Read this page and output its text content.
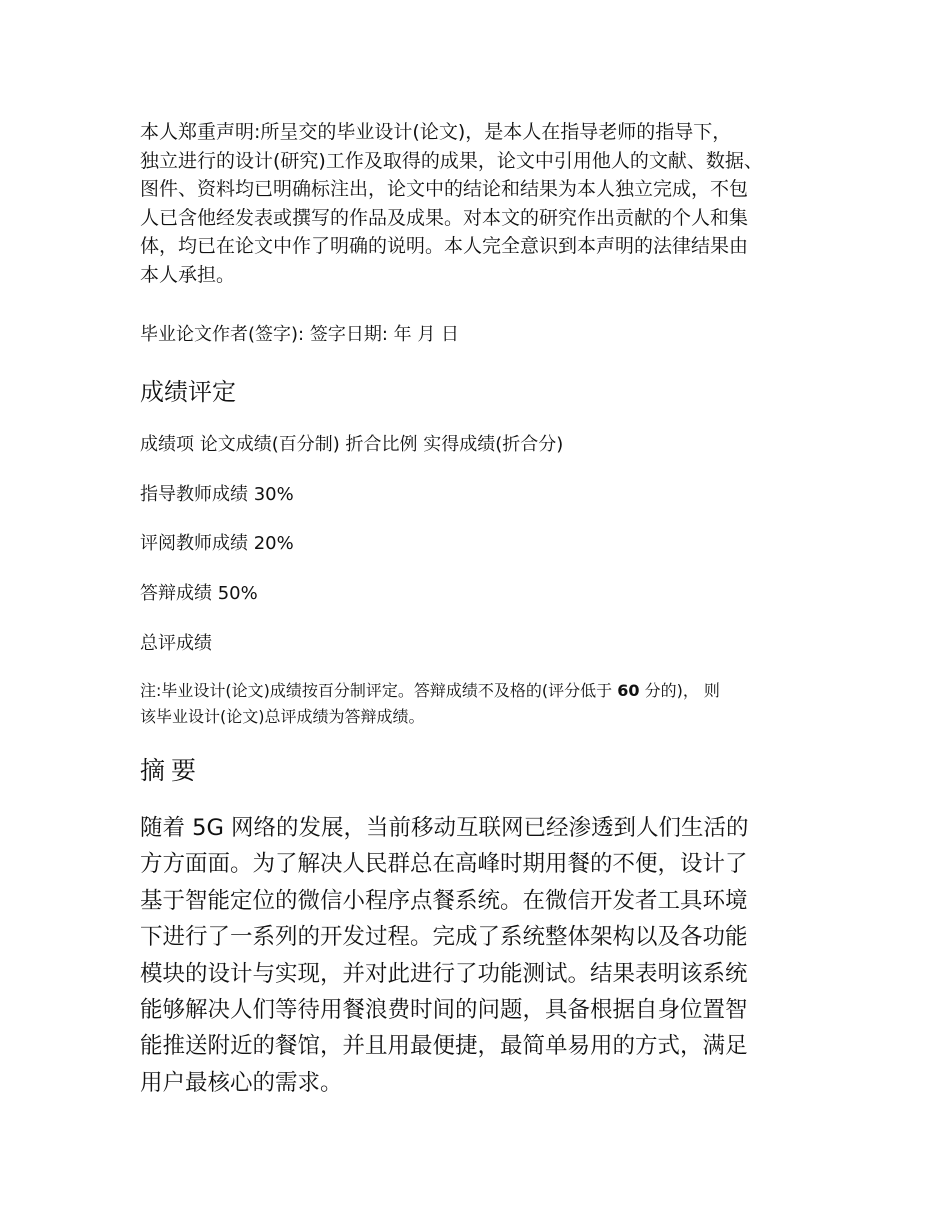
本人郑重声明:所呈交的毕业设计(论文)，是本人在指导老师的指导下，

独立进行的设计(研究)工作及取得的成果，论文中引用他人的文献、数据、

图件、资料均已明确标注出，论文中的结论和结果为本人独立完成，不包

人已含他经发表或撰写的作品及成果。对本文的研究作出贡献的个人和集

体，均已在论文中作了明确的说明。本人完全意识到本声明的法律结果由

本人承担。

毕业论文作者(签字): 签字日期: 年 月 日
成绩评定
成绩项 论文成绩(百分制) 折合比例 实得成绩(折合分)
指导教师成绩 30%
评阅教师成绩 20%
答辩成绩 50%
总评成绩
注:毕业设计(论文)成绩按百分制评定。答辩成绩不及格的(评分低于 60 分的)， 则
该毕业设计(论文)总评成绩为答辩成绩。
摘要

随着 5G 网络的发展，当前移动互联网已经渗透到人们生活的

方方面面。为了解决人民群总在高峰时期用餐的不便，设计了

基于智能定位的微信小程序点餐系统。在微信开发者工具环境

下进行了一系列的开发过程。完成了系统整体架构以及各功能

模块的设计与实现，并对此进行了功能测试。结果表明该系统

能够解决人们等待用餐浪费时间的问题，具备根据自身位置智

能推送附近的餐馆，并且用最便捷，最简单易用的方式，满足

用户最核心的需求。
